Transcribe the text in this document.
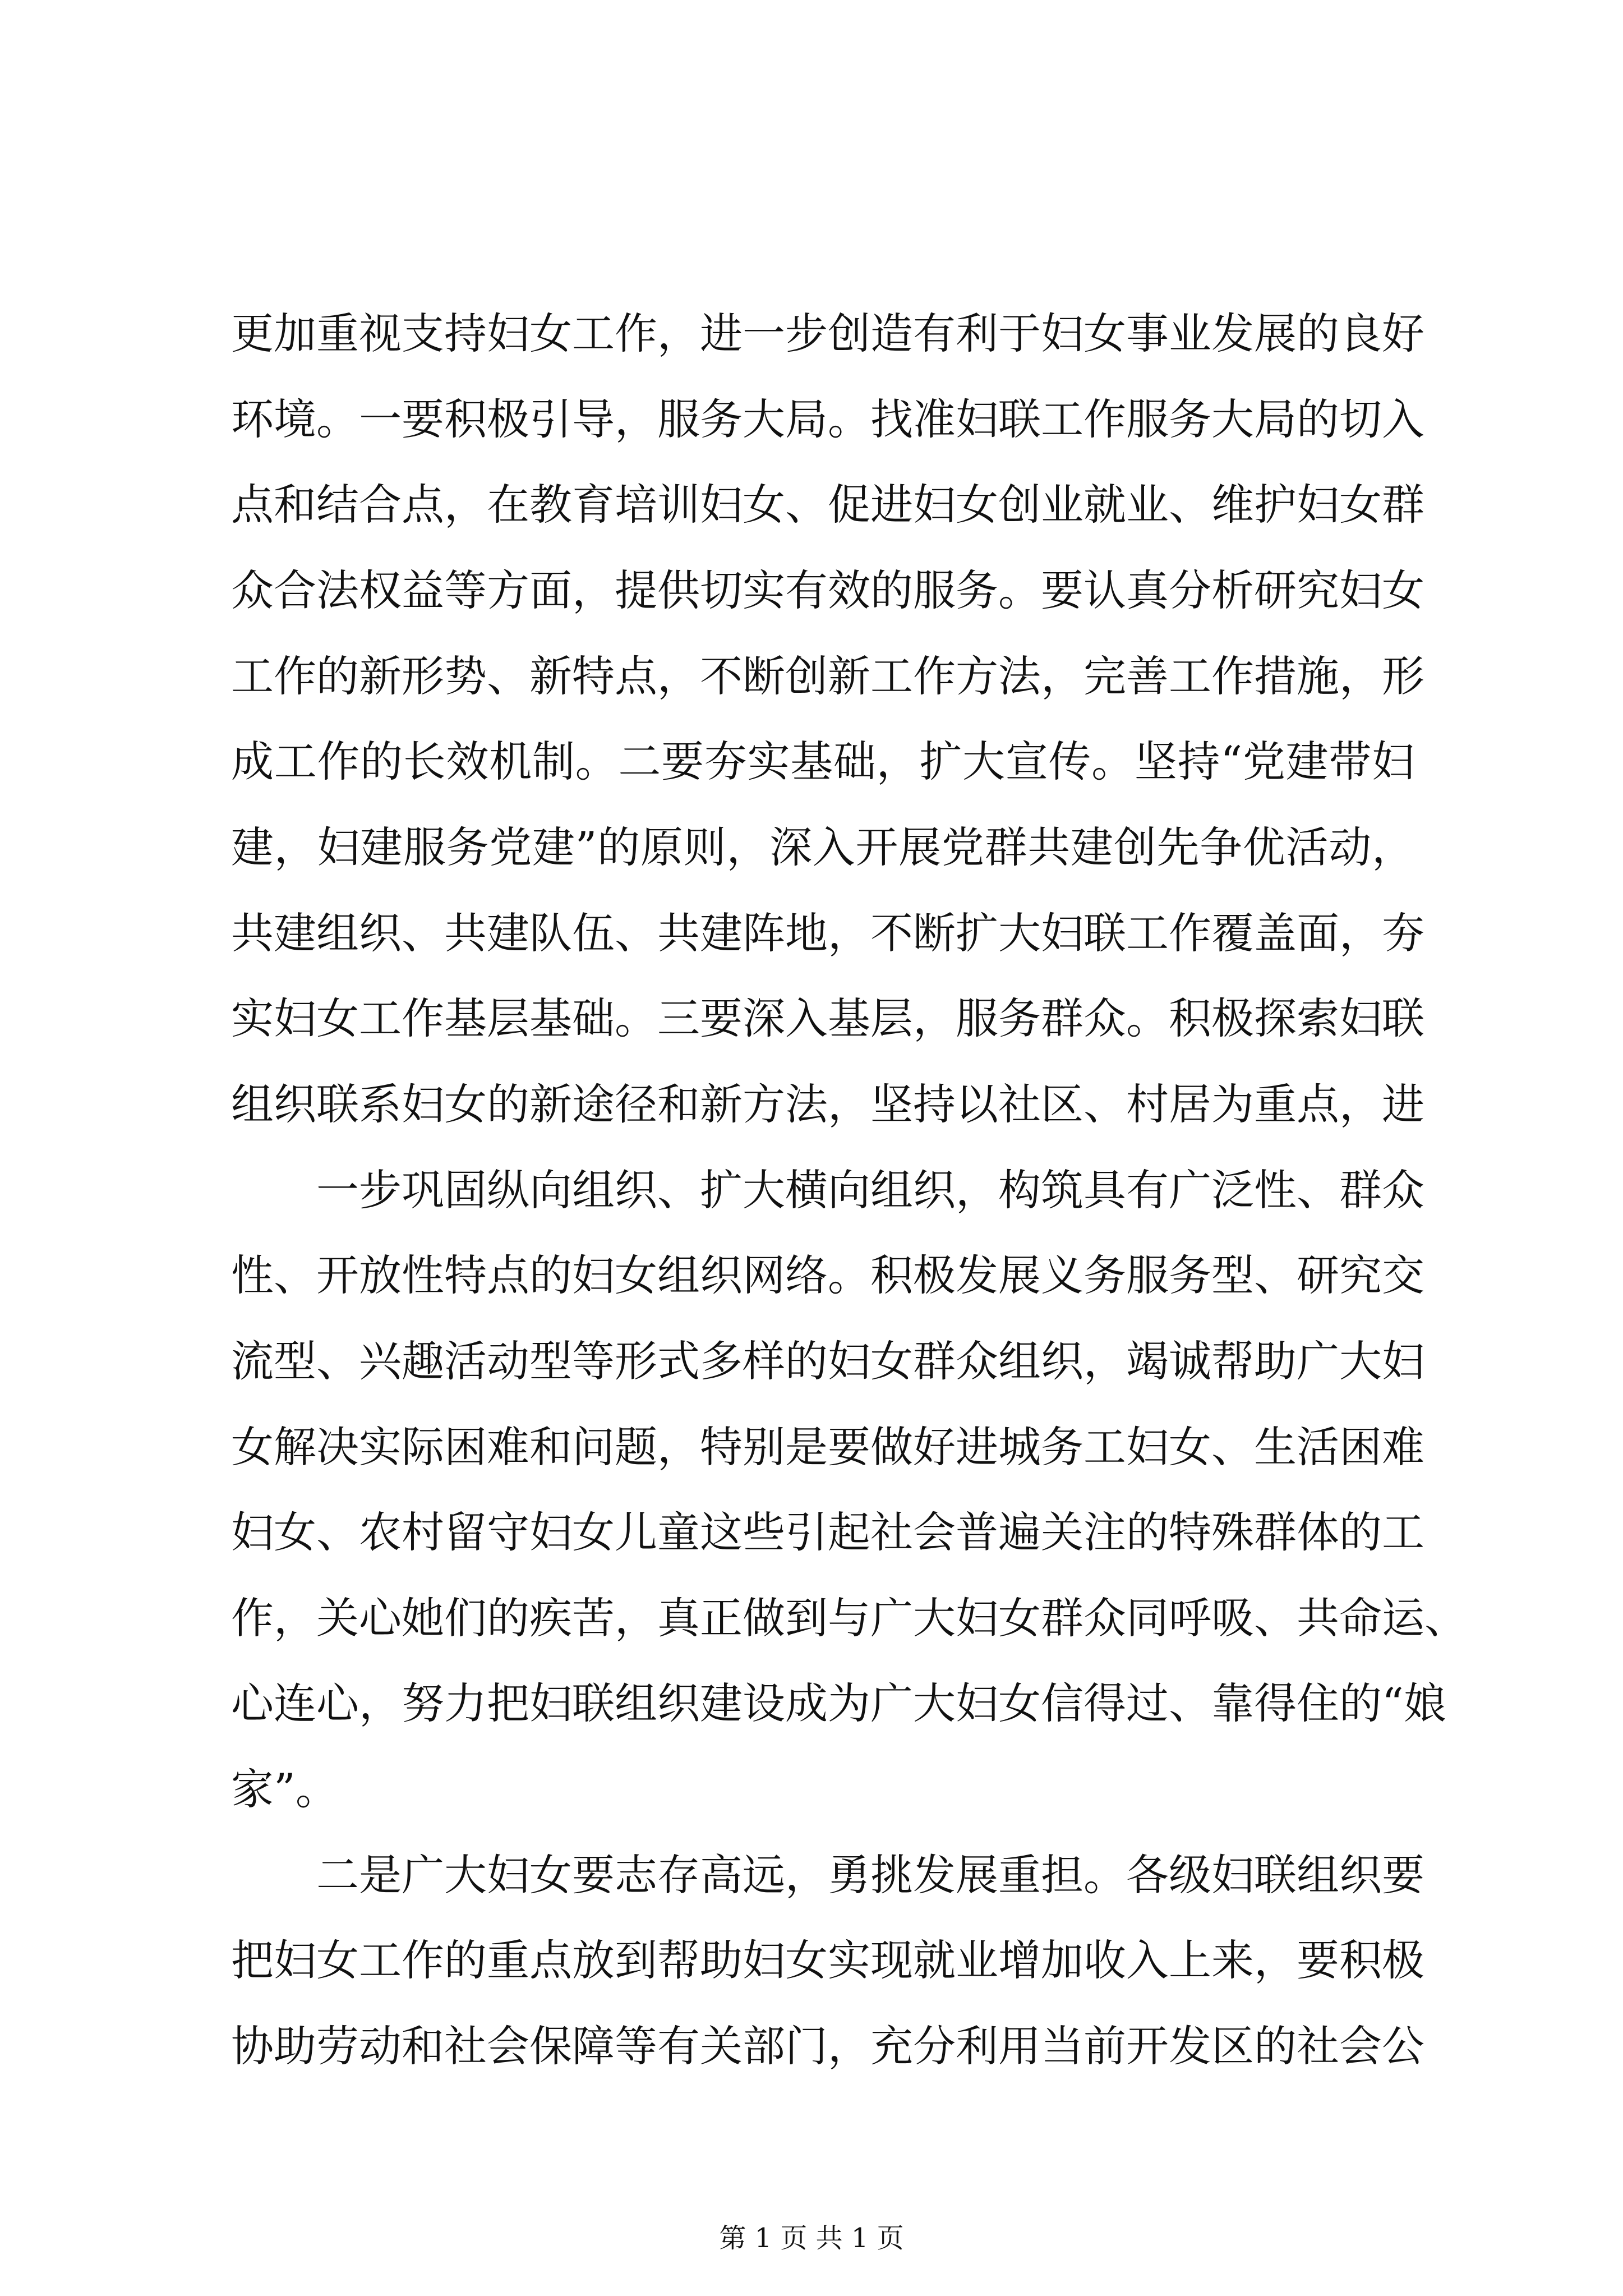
更加重视支持妇女工作，进一步创造有利于妇女事业发展的良好
环境。一要积极引导，服务大局。找准妇联工作服务大局的切入
点和结合点，在教育培训妇女、促进妇女创业就业、维护妇女群
众合法权益等方面，提供切实有效的服务。要认真分析研究妇女
工作的新形势、新特点，不断创新工作方法，完善工作措施，形
成工作的长效机制。二要夯实基础，扩大宣传。坚持“党建带妇
建，妇建服务党建”的原则，深入开展党群共建创先争优活动，
共建组织、共建队伍、共建阵地，不断扩大妇联工作覆盖面，夯
实妇女工作基层基础。三要深入基层，服务群众。积极探索妇联
组织联系妇女的新途径和新方法，坚持以社区、村居为重点，进
一步巩固纵向组织、扩大横向组织，构筑具有广泛性、群众
性、开放性特点的妇女组织网络。积极发展义务服务型、研究交
流型、兴趣活动型等形式多样的妇女群众组织，竭诚帮助广大妇
女解决实际困难和问题，特别是要做好进城务工妇女、生活困难
妇女、农村留守妇女儿童这些引起社会普遍关注的特殊群体的工
作，关心她们的疾苦，真正做到与广大妇女群众同呼吸、共命运、
心连心，努力把妇联组织建设成为广大妇女信得过、靠得住的“娘
家”。
二是广大妇女要志存高远，勇挑发展重担。各级妇联组织要
把妇女工作的重点放到帮助妇女实现就业增加收入上来，要积极
协助劳动和社会保障等有关部门，充分利用当前开发区的社会公
第 1 页 共 1 页
